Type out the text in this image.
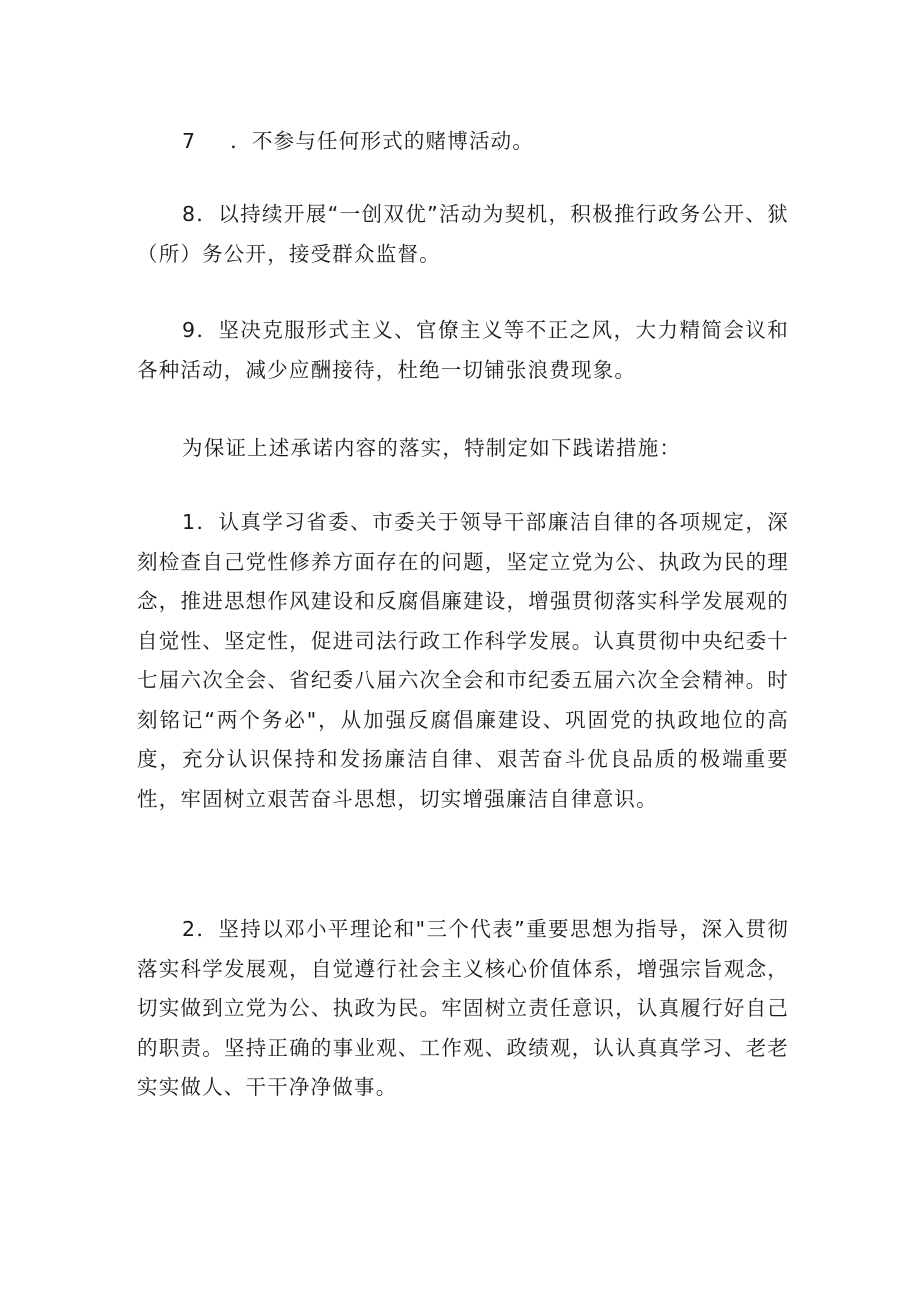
7 ．不参与任何形式的赌博活动。

8．以持续开展“一创双优”活动为契机，积极推行政务公开、狱（所）务公开，接受群众监督。

9．坚决克服形式主义、官僚主义等不正之风，大力精简会议和各种活动，减少应酬接待，杜绝一切铺张浪费现象。

为保证上述承诺内容的落实，特制定如下践诺措施：

1．认真学习省委、市委关于领导干部廉洁自律的各项规定，深刻检查自己党性修养方面存在的问题，坚定立党为公、执政为民的理念，推进思想作风建设和反腐倡廉建设，增强贯彻落实科学发展观的自觉性、坚定性，促进司法行政工作科学发展。认真贯彻中央纪委十七届六次全会、省纪委八届六次全会和市纪委五届六次全会精神。时刻铭记“两个务必"，从加强反腐倡廉建设、巩固党的执政地位的高度，充分认识保持和发扬廉洁自律、艰苦奋斗优良品质的极端重要性，牢固树立艰苦奋斗思想，切实增强廉洁自律意识。

2．坚持以邓小平理论和"三个代表”重要思想为指导，深入贯彻落实科学发展观，自觉遵行社会主义核心价值体系，增强宗旨观念，切实做到立党为公、执政为民。牢固树立责任意识，认真履行好自己的职责。坚持正确的事业观、工作观、政绩观，认认真真学习、老老实实做人、干干净净做事。
